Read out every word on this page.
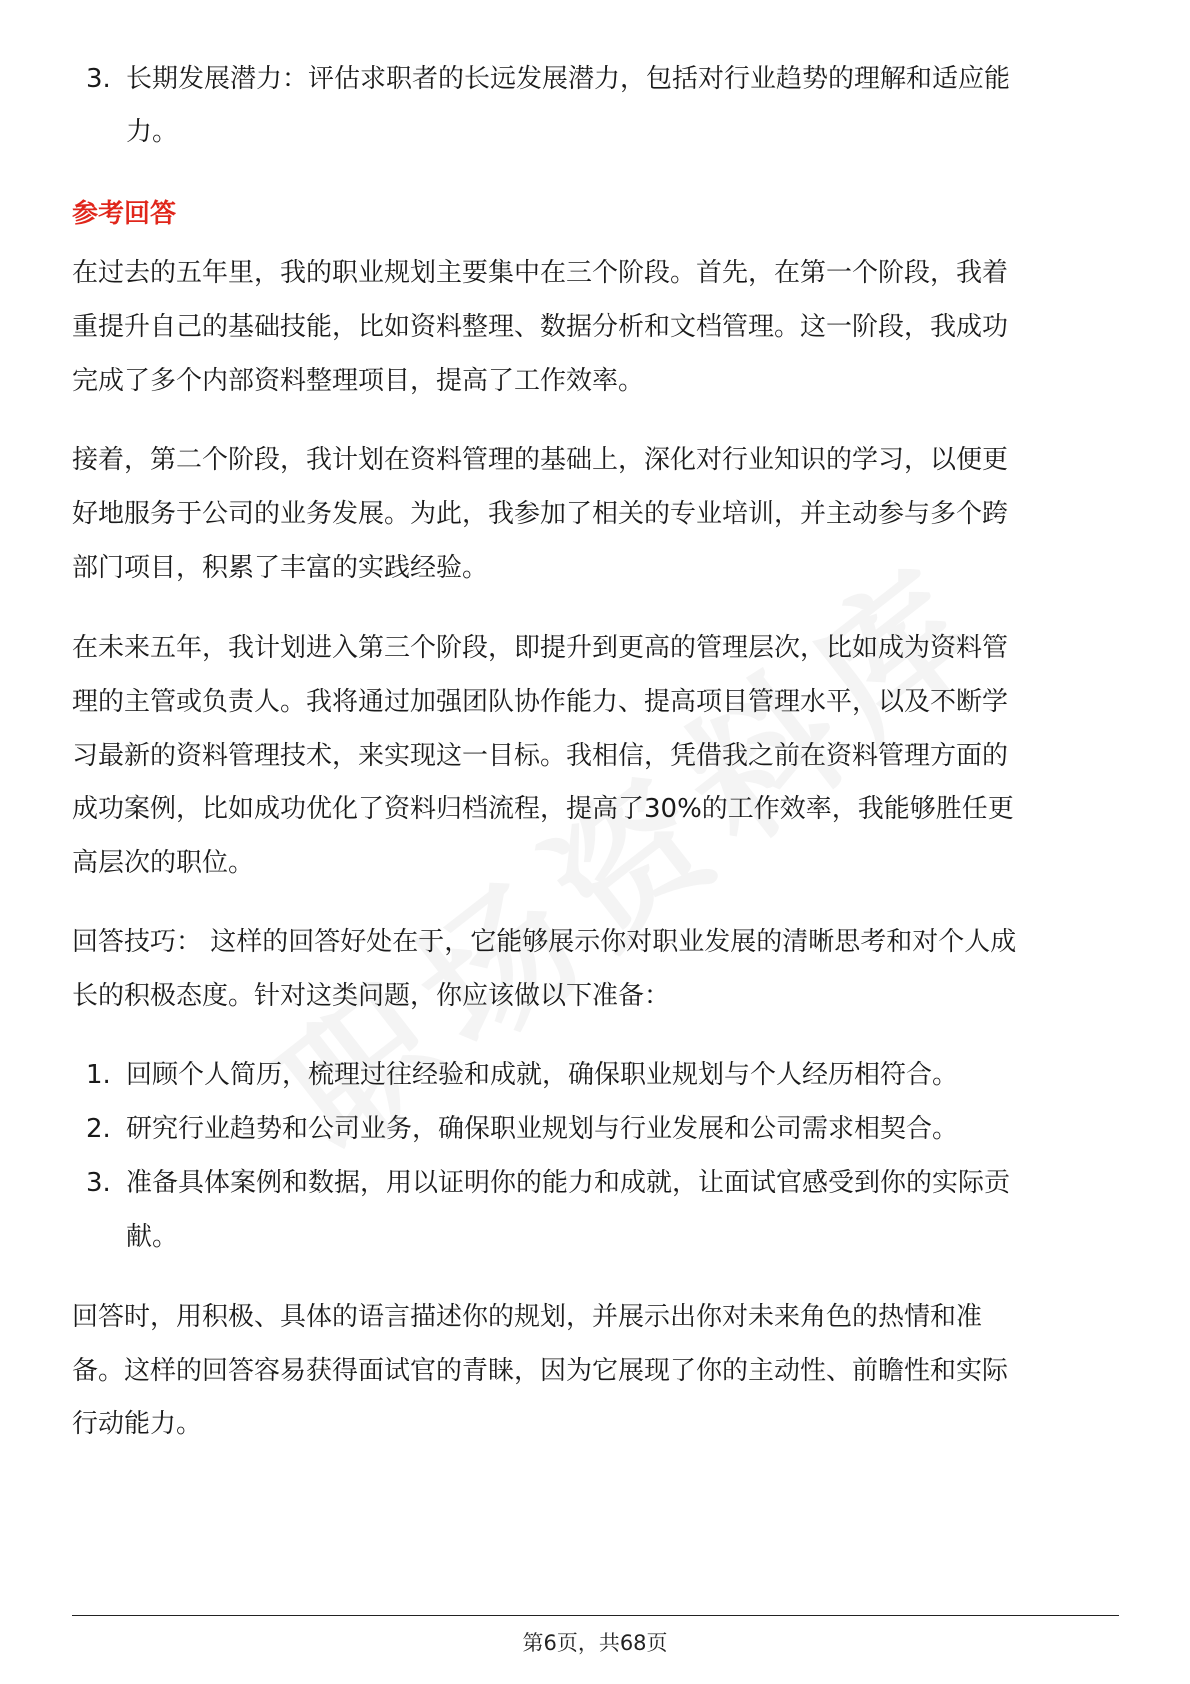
3. 长期发展潜力：评估求职者的长远发展潜力，包括对行业趋势的理解和适应能
力。
参考回答
在过去的五年里，我的职业规划主要集中在三个阶段。首先，在第一个阶段，我着
重提升自己的基础技能，比如资料整理、数据分析和文档管理。这一阶段，我成功
完成了多个内部资料整理项目，提高了工作效率。
接着，第二个阶段，我计划在资料管理的基础上，深化对行业知识的学习，以便更
好地服务于公司的业务发展。为此，我参加了相关的专业培训，并主动参与多个跨
部门项目，积累了丰富的实践经验。
在未来五年，我计划进入第三个阶段，即提升到更高的管理层次，比如成为资料管
理的主管或负责人。我将通过加强团队协作能力、提高项目管理水平，以及不断学
习最新的资料管理技术，来实现这一目标。我相信，凭借我之前在资料管理方面的
成功案例，比如成功优化了资料归档流程，提高了30%的工作效率，我能够胜任更
高层次的职位。
回答技巧： 这样的回答好处在于，它能够展示你对职业发展的清晰思考和对个人成
长的积极态度。针对这类问题，你应该做以下准备：
1. 回顾个人简历，梳理过往经验和成就，确保职业规划与个人经历相符合。
2. 研究行业趋势和公司业务，确保职业规划与行业发展和公司需求相契合。
3. 准备具体案例和数据，用以证明你的能力和成就，让面试官感受到你的实际贡
献。
回答时，用积极、具体的语言描述你的规划，并展示出你对未来角色的热情和准
备。这样的回答容易获得面试官的青睐，因为它展现了你的主动性、前瞻性和实际
行动能力。
第6页，共68页
